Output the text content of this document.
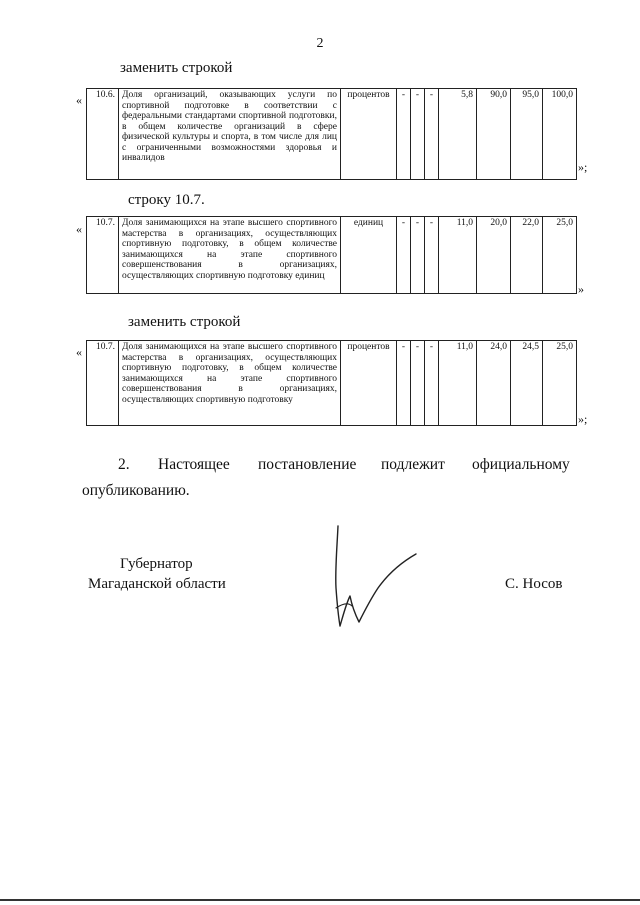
2
заменить строкой
« 10.6.	Доля организаций, оказывающих услуги по спортивной подготовке в соответствии с федеральными стандартами спортивной подготовки, в общем количестве организаций в сфере физической культуры и спорта, в том числе для лиц с ограниченными возможностями здоровья и инвалидов	процентов	-	-	-	5,8	90,0	95,0	100,0
»;
строку 10.7.
« 10.7.	Доля занимающихся на этапе высшего спортивного мастерства в организациях, осуществляющих спортивную подготовку, в общем количестве занимающихся на этапе спортивного совершенствования в организациях, осуществляющих спортивную подготовку единиц	единиц	-	-	-	11,0	20,0	22,0	25,0
»
заменить строкой
« 10.7.	Доля занимающихся на этапе высшего спортивного мастерства в организациях, осуществляющих спортивную подготовку, в общем количестве занимающихся на этапе спортивного совершенствования в организациях, осуществляющих спортивную подготовку	процентов	-	-	-	11,0	24,0	24,5	25,0
»;
2. Настоящее постановление подлежит официальному
опубликованию.
Губернатор
Магаданской области	С. Носов
